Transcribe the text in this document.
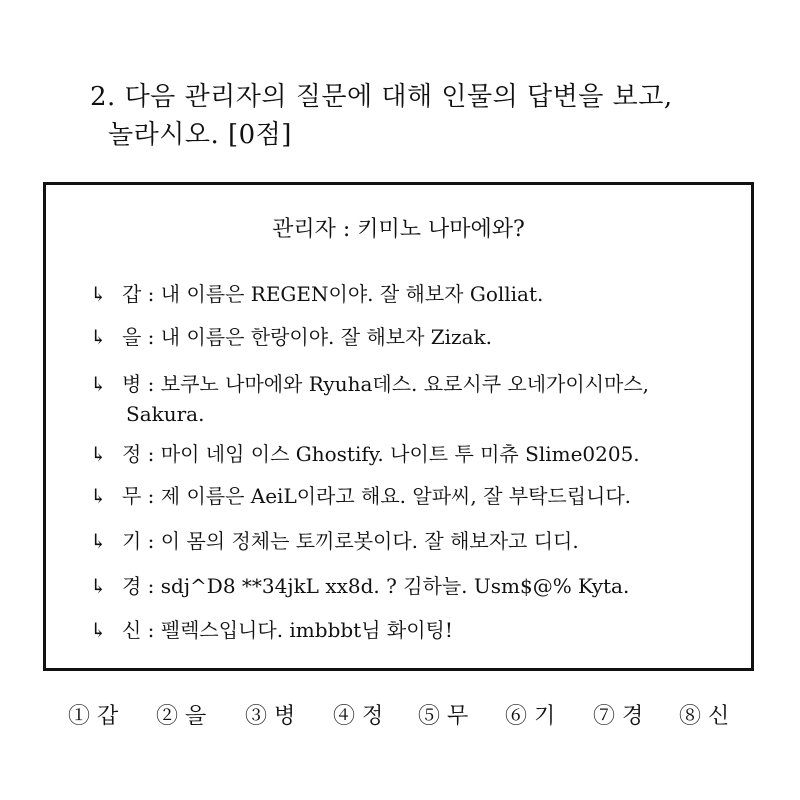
2. 다음 관리자의 질문에 대해 인물의 답변을 보고,
놀라시오. [0점]
관리자 : 키미노 나마에와?
↳ 갑 : 내 이름은 REGEN이야. 잘 해보자 Golliat.
↳ 을 : 내 이름은 한랑이야. 잘 해보자 Zizak.
↳ 병 : 보쿠노 나마에와 Ryuha데스. 요로시쿠 오네가이시마스,
Sakura.
↳ 정 : 마이 네임 이스 Ghostify. 나이트 투 미츄 Slime0205.
↳ 무 : 제 이름은 AeiL이라고 해요. 알파씨, 잘 부탁드립니다.
↳ 기 : 이 몸의 정체는 토끼로봇이다. 잘 해보자고 디디.
↳ 경 : sdj^D8 **34jkL xx8d. ? 김하늘. Usm$@% Kyta.
↳ 신 : 펠렉스입니다. imbbbt님 화이팅!
① 갑 ② 을 ③ 병 ④ 정 ⑤ 무 ⑥ 기 ⑦ 경 ⑧ 신
